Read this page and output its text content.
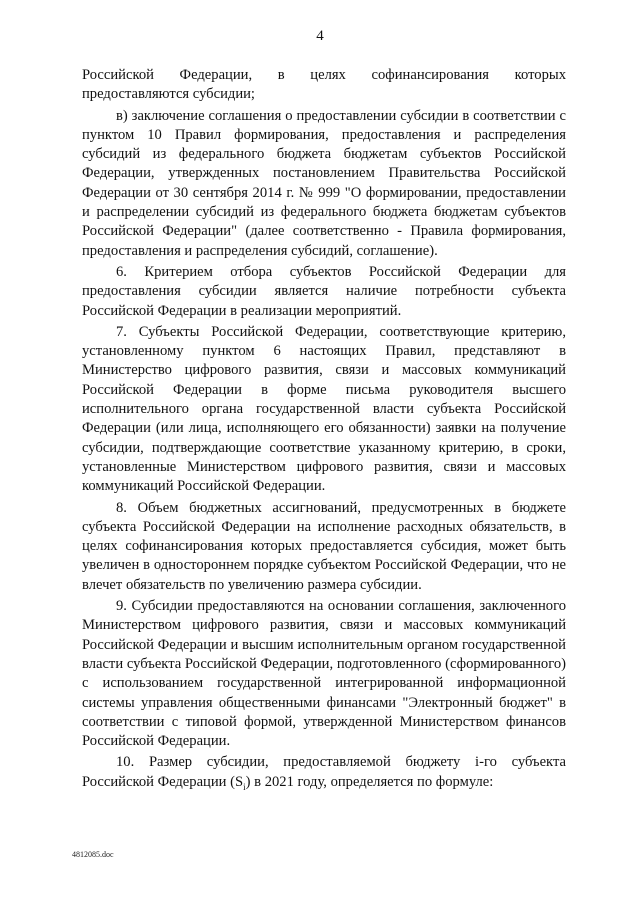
4

Российской Федерации, в целях софинансирования которых предоставляются субсидии;

в) заключение соглашения о предоставлении субсидии в соответствии с пунктом 10 Правил формирования, предоставления и распределения субсидий из федерального бюджета бюджетам субъектов Российской Федерации, утвержденных постановлением Правительства Российской Федерации от 30 сентября 2014 г. № 999 "О формировании, предоставлении и распределении субсидий из федерального бюджета бюджетам субъектов Российской Федерации" (далее соответственно - Правила формирования, предоставления и распределения субсидий, соглашение).

6. Критерием отбора субъектов Российской Федерации для предоставления субсидии является наличие потребности субъекта Российской Федерации в реализации мероприятий.

7. Субъекты Российской Федерации, соответствующие критерию, установленному пунктом 6 настоящих Правил, представляют в Министерство цифрового развития, связи и массовых коммуникаций Российской Федерации в форме письма руководителя высшего исполнительного органа государственной власти субъекта Российской Федерации (или лица, исполняющего его обязанности) заявки на получение субсидии, подтверждающие соответствие указанному критерию, в сроки, установленные Министерством цифрового развития, связи и массовых коммуникаций Российской Федерации.

8. Объем бюджетных ассигнований, предусмотренных в бюджете субъекта Российской Федерации на исполнение расходных обязательств, в целях софинансирования которых предоставляется субсидия, может быть увеличен в одностороннем порядке субъектом Российской Федерации, что не влечет обязательств по увеличению размера субсидии.

9. Субсидии предоставляются на основании соглашения, заключенного Министерством цифрового развития, связи и массовых коммуникаций Российской Федерации и высшим исполнительным органом государственной власти субъекта Российской Федерации, подготовленного (сформированного) с использованием государственной интегрированной информационной системы управления общественными финансами "Электронный бюджет" в соответствии с типовой формой, утвержденной Министерством финансов Российской Федерации.

10. Размер субсидии, предоставляемой бюджету i-го субъекта Российской Федерации $(S_i)$ в 2021 году, определяется по формуле:

4812085.doc
